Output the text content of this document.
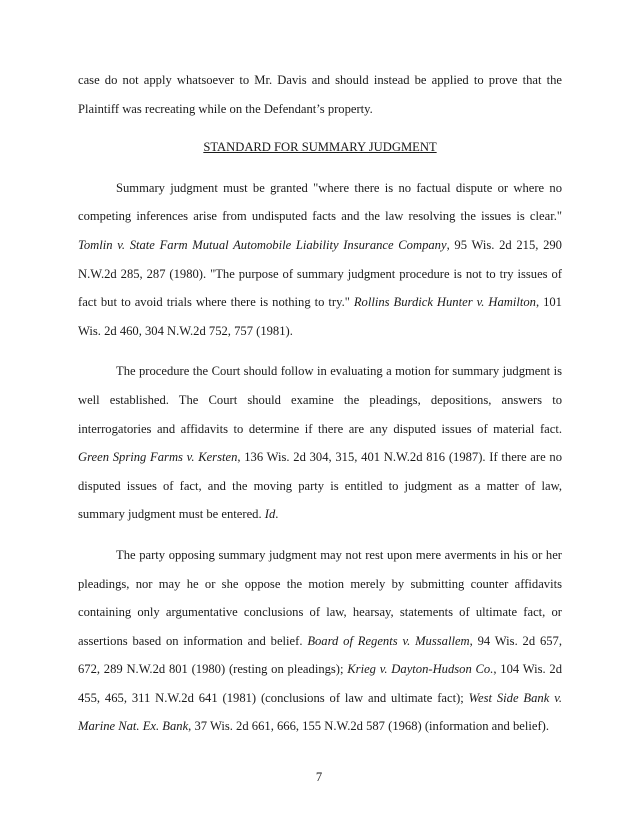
case do not apply whatsoever to Mr. Davis and should instead be applied to prove that the Plaintiff was recreating while on the Defendant’s property.

STANDARD FOR SUMMARY JUDGMENT

Summary judgment must be granted "where there is no factual dispute or where no competing inferences arise from undisputed facts and the law resolving the issues is clear." Tomlin v. State Farm Mutual Automobile Liability Insurance Company, 95 Wis. 2d 215, 290 N.W.2d 285, 287 (1980). "The purpose of summary judgment procedure is not to try issues of fact but to avoid trials where there is nothing to try." Rollins Burdick Hunter v. Hamilton, 101 Wis. 2d 460, 304 N.W.2d 752, 757 (1981).

The procedure the Court should follow in evaluating a motion for summary judgment is well established. The Court should examine the pleadings, depositions, answers to interrogatories and affidavits to determine if there are any disputed issues of material fact. Green Spring Farms v. Kersten, 136 Wis. 2d 304, 315, 401 N.W.2d 816 (1987). If there are no disputed issues of fact, and the moving party is entitled to judgment as a matter of law, summary judgment must be entered. Id.

The party opposing summary judgment may not rest upon mere averments in his or her pleadings, nor may he or she oppose the motion merely by submitting counter affidavits containing only argumentative conclusions of law, hearsay, statements of ultimate fact, or assertions based on information and belief. Board of Regents v. Mussallem, 94 Wis. 2d 657, 672, 289 N.W.2d 801 (1980) (resting on pleadings); Krieg v. Dayton-Hudson Co., 104 Wis. 2d 455, 465, 311 N.W.2d 641 (1981) (conclusions of law and ultimate fact); West Side Bank v. Marine Nat. Ex. Bank, 37 Wis. 2d 661, 666, 155 N.W.2d 587 (1968) (information and belief).

7
